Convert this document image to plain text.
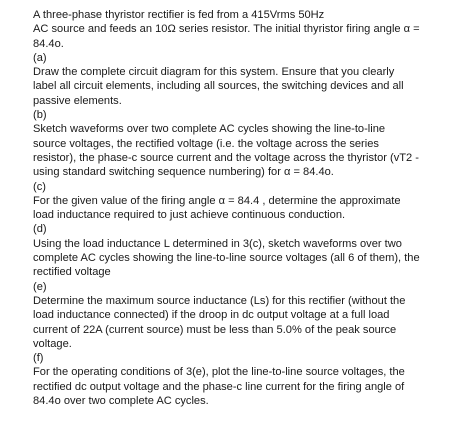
A three-phase thyristor rectifier is fed from a 415Vrms 50Hz
AC source and feeds an 10Ω series resistor. The initial thyristor firing angle α =
84.4o.
(a)
Draw the complete circuit diagram for this system. Ensure that you clearly
label all circuit elements, including all sources, the switching devices and all
passive elements.
(b)
Sketch waveforms over two complete AC cycles showing the line-to-line
source voltages, the rectified voltage (i.e. the voltage across the series
resistor), the phase-c source current and the voltage across the thyristor (vT2 -
using standard switching sequence numbering) for α = 84.4o.
(c)
For the given value of the firing angle α = 84.4 , determine the approximate
load inductance required to just achieve continuous conduction.
(d)
Using the load inductance L determined in 3(c), sketch waveforms over two
complete AC cycles showing the line-to-line source voltages (all 6 of them), the
rectified voltage
(e)
Determine the maximum source inductance (Ls) for this rectifier (without the
load inductance connected) if the droop in dc output voltage at a full load
current of 22A (current source) must be less than 5.0% of the peak source
voltage.
(f)
For the operating conditions of 3(e), plot the line-to-line source voltages, the
rectified dc output voltage and the phase-c line current for the firing angle of
84.4o over two complete AC cycles.
